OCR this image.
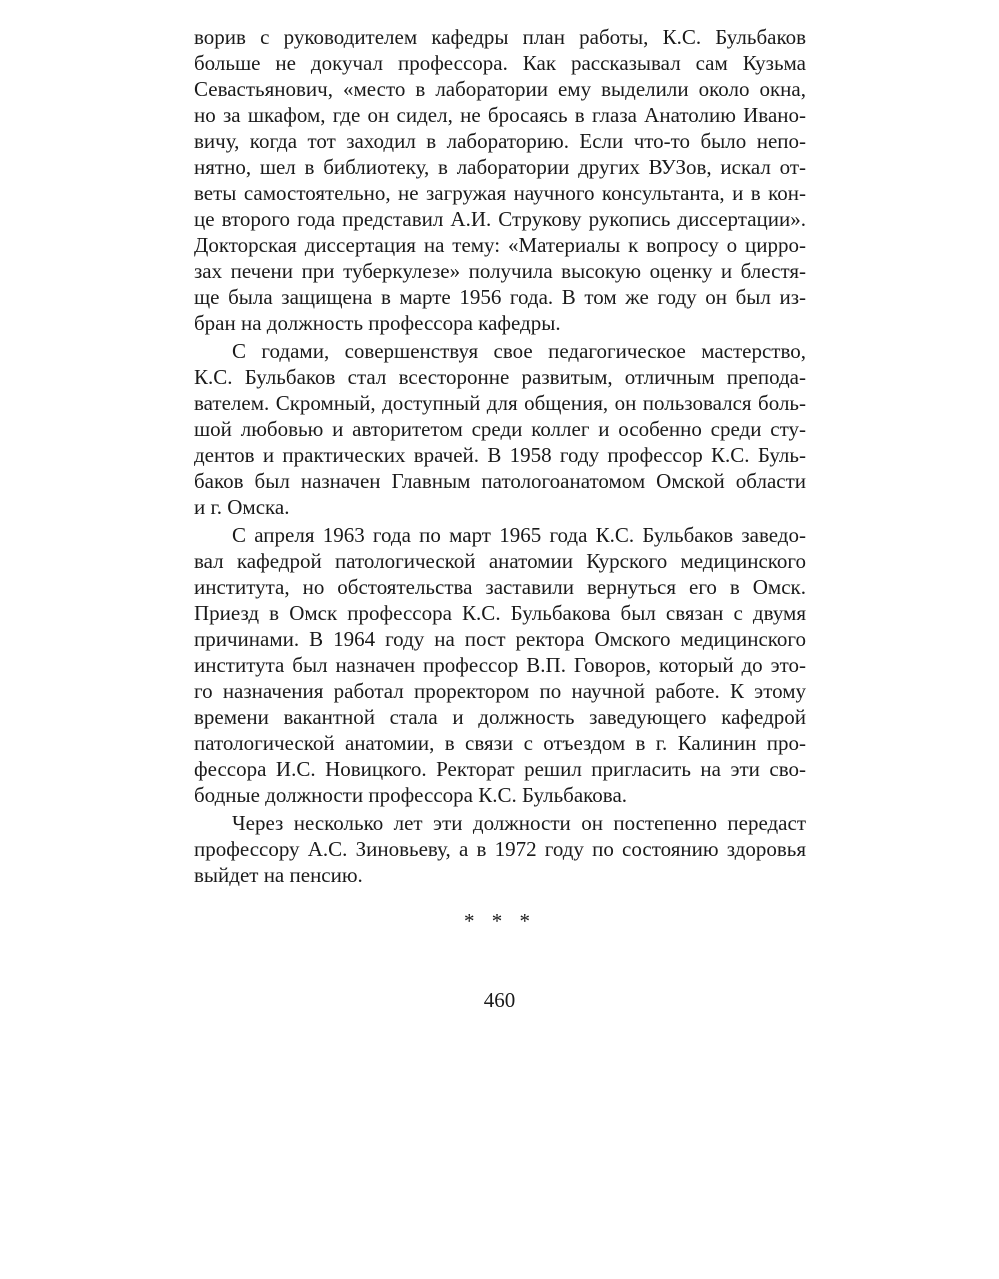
ворив с руководителем кафедры план работы, К.С. Бульбаков
больше не докучал профессора. Как рассказывал сам Кузьма
Севастьянович, «место в лаборатории ему выделили около окна,
но за шкафом, где он сидел, не бросаясь в глаза Анатолию Ивано-
вичу, когда тот заходил в лабораторию. Если что-то было непо-
нятно, шел в библиотеку, в лаборатории других ВУЗов, искал от-
веты самостоятельно, не загружая научного консультанта, и в кон-
це второго года представил А.И. Струкову рукопись диссертации».
Докторская диссертация на тему: «Материалы к вопросу о цирро-
зах печени при туберкулезе» получила высокую оценку и блестя-
ще была защищена в марте 1956 года. В том же году он был из-
бран на должность профессора кафедры.
С годами, совершенствуя свое педагогическое мастерство,
К.С. Бульбаков стал всесторонне развитым, отличным препода-
вателем. Скромный, доступный для общения, он пользовался боль-
шой любовью и авторитетом среди коллег и особенно среди сту-
дентов и практических врачей. В 1958 году профессор К.С. Буль-
баков был назначен Главным патологоанатомом Омской области
и г. Омска.
С апреля 1963 года по март 1965 года К.С. Бульбаков заведо-
вал кафедрой патологической анатомии Курского медицинского
института, но обстоятельства заставили вернуться его в Омск.
Приезд в Омск профессора К.С. Бульбакова был связан с двумя
причинами. В 1964 году на пост ректора Омского медицинского
института был назначен профессор В.П. Говоров, который до это-
го назначения работал проректором по научной работе. К этому
времени вакантной стала и должность заведующего кафедрой
патологической анатомии, в связи с отъездом в г. Калинин про-
фессора И.С. Новицкого. Ректорат решил пригласить на эти сво-
бодные должности профессора К.С. Бульбакова.
Через несколько лет эти должности он постепенно передаст
профессору А.С. Зиновьеву, а в 1972 году по состоянию здоровья
выйдет на пенсию.
* * *
460
